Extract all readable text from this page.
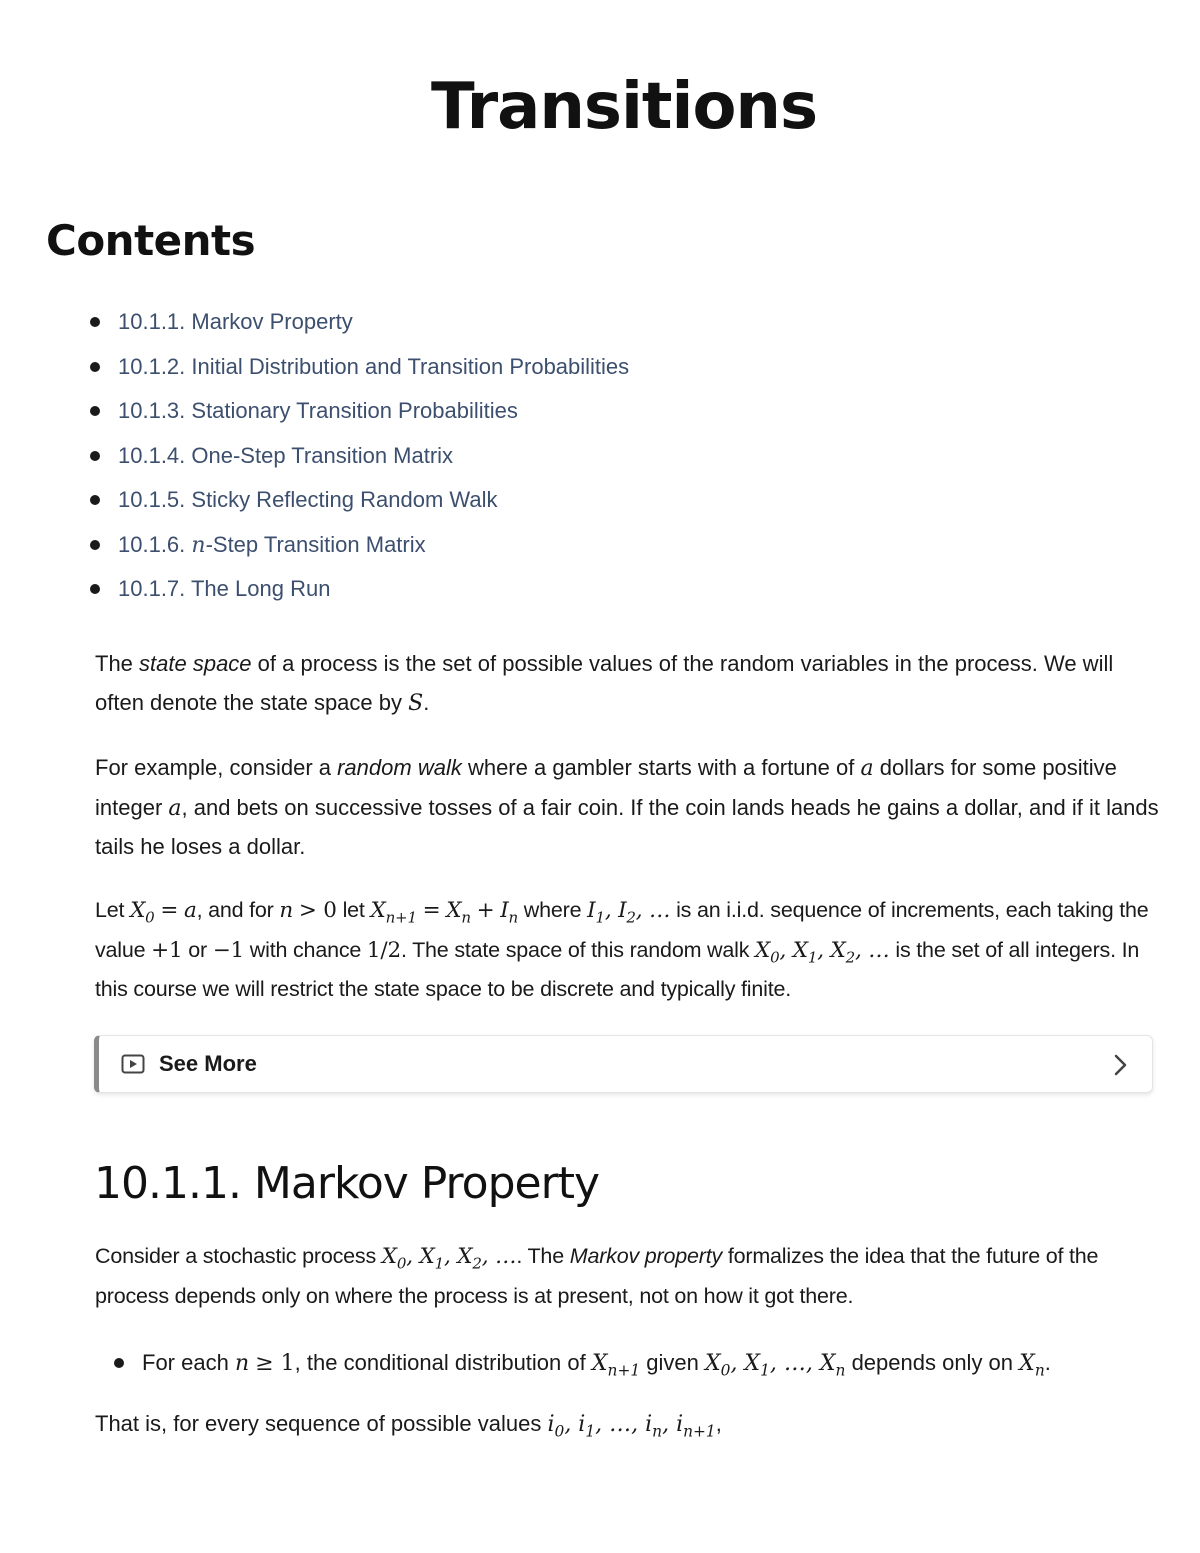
Transitions
Contents
10.1.1. Markov Property
10.1.2. Initial Distribution and Transition Probabilities
10.1.3. Stationary Transition Probabilities
10.1.4. One-Step Transition Matrix
10.1.5. Sticky Reflecting Random Walk
10.1.6. n-Step Transition Matrix
10.1.7. The Long Run

The state space of a process is the set of possible values of the random variables in the process. We will often denote the state space by S.

For example, consider a random walk where a gambler starts with a fortune of a dollars for some positive integer a, and bets on successive tosses of a fair coin. If the coin lands heads he gains a dollar, and if it lands tails he loses a dollar.

Let $X_0 = a$, and for n > 0 let $X_{n+1} = X_n + I_n$ where $I_1$, $I_2$, … is an i.i.d. sequence of increments, each taking the value +1 or −1 with chance 1/2. The state space of this random walk $X_0$, $X_1$, $X_2$, … is the set of all integers. In this course we will restrict the state space to be discrete and typically finite.

See More
10.1.1. Markov Property

Consider a stochastic process $X_0$, $X_1$, $X_2$, …. The Markov property formalizes the idea that the future of the process depends only on where the process is at present, not on how it got there.

For each n ≥ 1, the conditional distribution of $X_{n+1}$ given $X_0$, $X_1$, …, $X_n$ depends only on $X_n$.

That is, for every sequence of possible values $i_0$, $i_1$, …, $i_n$, $i_{n+1}$,
